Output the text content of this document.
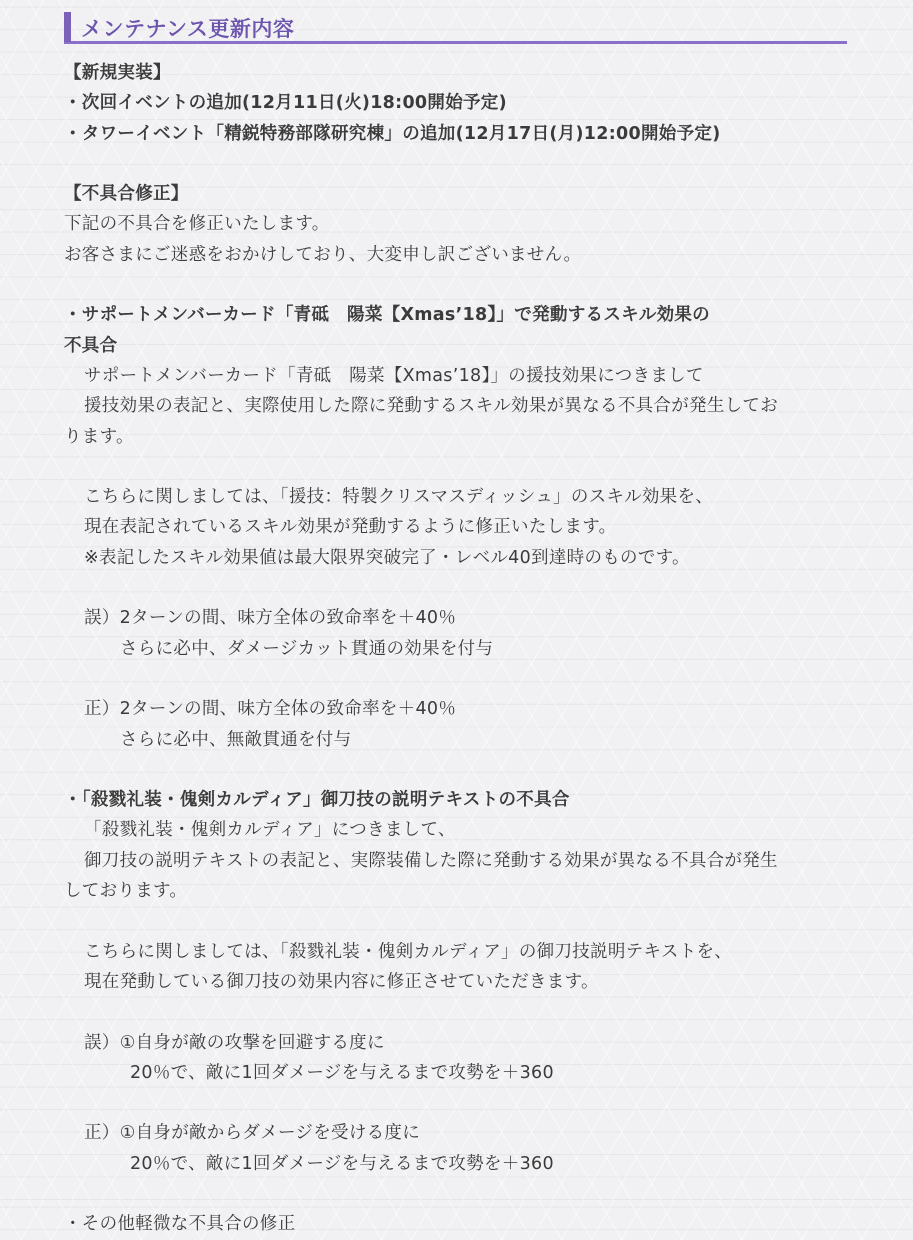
メンテナンス更新内容
【新規実装】
・次回イベントの追加(12月11日(火)18:00開始予定)
・タワーイベント「精鋭特務部隊研究棟」の追加(12月17日(月)12:00開始予定)
【不具合修正】
下記の不具合を修正いたします。
お客さまにご迷惑をおかけしており、大変申し訳ございません。
・サポートメンバーカード「青砥　陽菜【Xmas’18】」で発動するスキル効果の
不具合
サポートメンバーカード「青砥　陽菜【Xmas’18】」の援技効果につきまして
援技効果の表記と、実際使用した際に発動するスキル効果が異なる不具合が発生してお
ります。
こちらに関しましては、「援技：特製クリスマスディッシュ」のスキル効果を、
現在表記されているスキル効果が発動するように修正いたします。
※表記したスキル効果値は最大限界突破完了・レベル40到達時のものです。
誤）2ターンの間、味方全体の致命率を＋40％
さらに必中、ダメージカット貫通の効果を付与
正）2ターンの間、味方全体の致命率を＋40％
さらに必中、無敵貫通を付与
・「殺戮礼装・傀剣カルディア」御刀技の説明テキストの不具合
「殺戮礼装・傀剣カルディア」につきまして、
御刀技の説明テキストの表記と、実際装備した際に発動する効果が異なる不具合が発生
しております。
こちらに関しましては、「殺戮礼装・傀剣カルディア」の御刀技説明テキストを、
現在発動している御刀技の効果内容に修正させていただきます。
誤）①自身が敵の攻撃を回避する度に
20％で、敵に1回ダメージを与えるまで攻勢を＋360
正）①自身が敵からダメージを受ける度に
20％で、敵に1回ダメージを与えるまで攻勢を＋360
・その他軽微な不具合の修正
